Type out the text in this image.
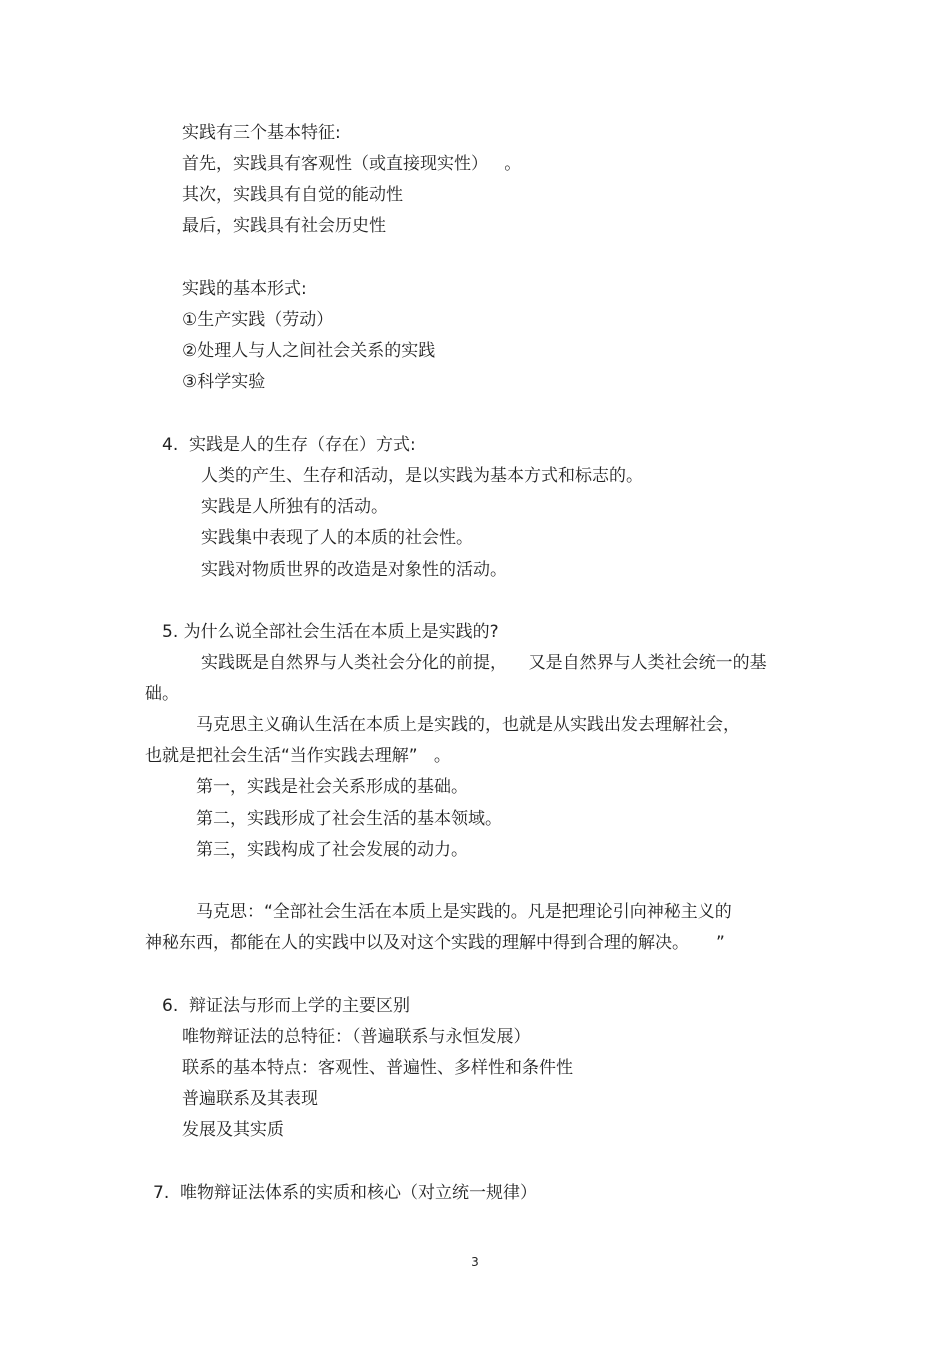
实践有三个基本特征:
首先，实践具有客观性（或直接现实性）   。
其次，实践具有自觉的能动性
最后，实践具有社会历史性
实践的基本形式:
①生产实践（劳动）
②处理人与人之间社会关系的实践
③科学实验
4.  实践是人的生存（存在）方式:
人类的产生、生存和活动，是以实践为基本方式和标志的。
实践是人所独有的活动。
实践集中表现了人的本质的社会性。
实践对物质世界的改造是对象性的活动。
5. 为什么说全部社会生活在本质上是实践的?
实践既是自然界与人类社会分化的前提，    又是自然界与人类社会统一的基
础。
马克思主义确认生活在本质上是实践的，也就是从实践出发去理解社会，
也就是把社会生活“当作实践去理解”   。
第一，实践是社会关系形成的基础。
第二，实践形成了社会生活的基本领域。
第三，实践构成了社会发展的动力。
马克思：“全部社会生活在本质上是实践的。凡是把理论引向神秘主义的
神秘东西，都能在人的实践中以及对这个实践的理解中得到合理的解决。     ”
6.  辩证法与形而上学的主要区别
唯物辩证法的总特征：（普遍联系与永恒发展）
联系的基本特点：客观性、普遍性、多样性和条件性
普遍联系及其表现
发展及其实质
7.  唯物辩证法体系的实质和核心（对立统一规律）
3
